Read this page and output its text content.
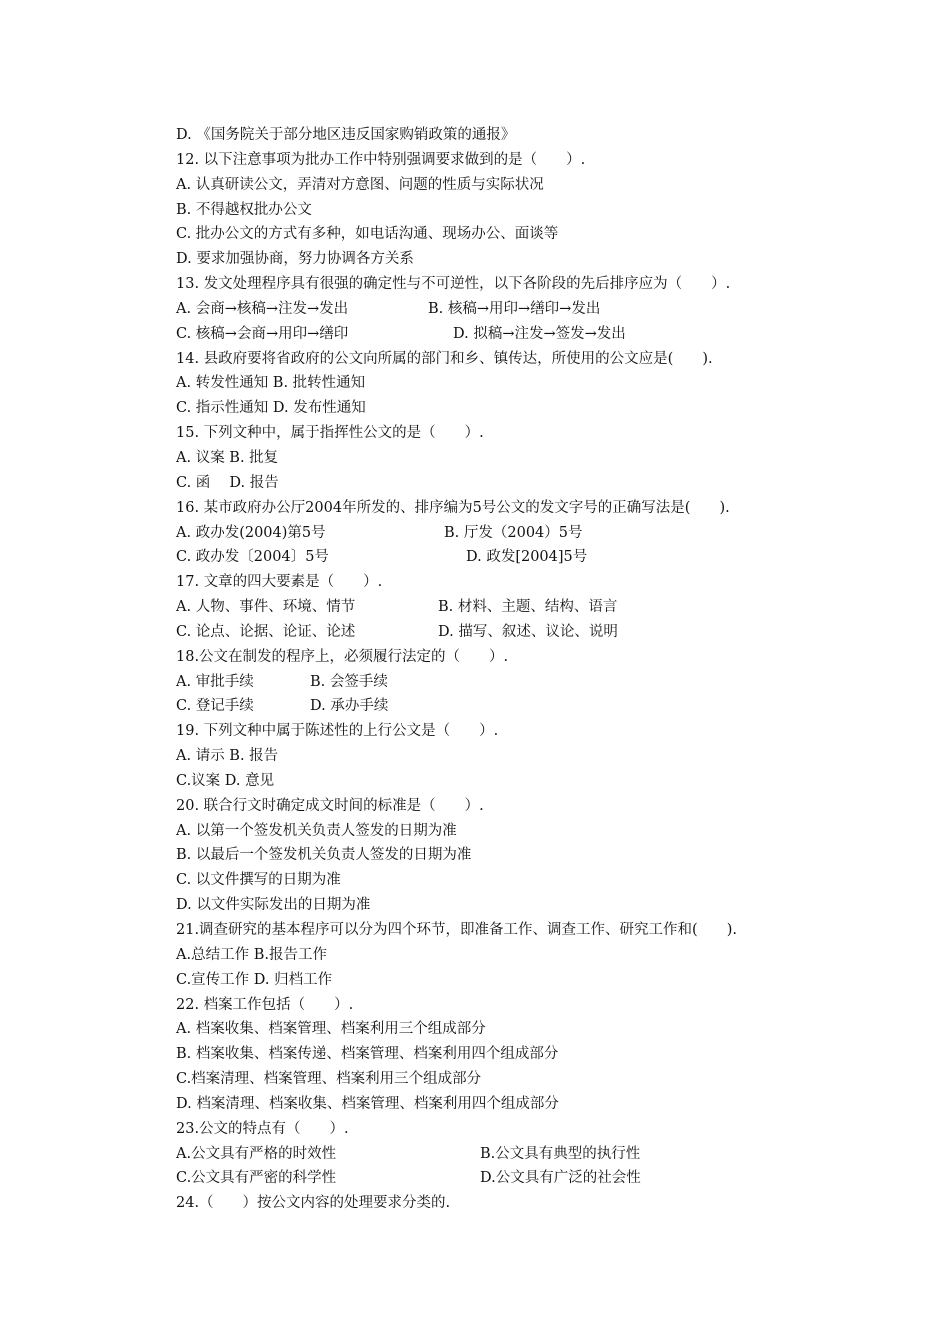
D. 《国务院关于部分地区违反国家购销政策的通报》
12. 以下注意事项为批办工作中特别强调要求做到的是（　　）.
A. 认真研读公文，弄清对方意图、问题的性质与实际状况
B. 不得越权批办公文
C. 批办公文的方式有多种，如电话沟通、现场办公、面谈等
D. 要求加强协商，努力协调各方关系
13. 发文处理程序具有很强的确定性与不可逆性，以下各阶段的先后排序应为（　　）.
A. 会商→核稿→注发→发出	B. 核稿→用印→缮印→发出
C. 核稿→会商→用印→缮印	D. 拟稿→注发→签发→发出
14. 县政府要将省政府的公文向所属的部门和乡、镇传达，所使用的公文应是(　　).
A. 转发性通知 B. 批转性通知
C. 指示性通知 D. 发布性通知
15. 下列文种中，属于指挥性公文的是（　　）.
A. 议案 B. 批复
C. 函　 D. 报告
16. 某市政府办公厅2004年所发的、排序编为5号公文的发文字号的正确写法是(　　).
A. 政办发(2004)第5号	B. 厅发（2004）5号
C. 政办发〔2004〕5号	D. 政发[2004]5号
17. 文章的四大要素是（　　）.
A. 人物、事件、环境、情节	B. 材料、主题、结构、语言
C. 论点、论据、论证、论述	D. 描写、叙述、议论、说明
18.公文在制发的程序上，必须履行法定的（　　）.
A. 审批手续	B. 会签手续
C. 登记手续	D. 承办手续
19. 下列文种中属于陈述性的上行公文是（　　）.
A. 请示 B. 报告
C.议案 D. 意见
20. 联合行文时确定成文时间的标准是（　　）.
A. 以第一个签发机关负责人签发的日期为准
B. 以最后一个签发机关负责人签发的日期为准
C. 以文件撰写的日期为准
D. 以文件实际发出的日期为准
21.调查研究的基本程序可以分为四个环节，即准备工作、调查工作、研究工作和(　　).
A.总结工作 B.报告工作
C.宣传工作 D. 归档工作
22. 档案工作包括（　　）.
A. 档案收集、档案管理、档案利用三个组成部分
B. 档案收集、档案传递、档案管理、档案利用四个组成部分
C.档案清理、档案管理、档案利用三个组成部分
D. 档案清理、档案收集、档案管理、档案利用四个组成部分
23.公文的特点有（　　）.
A.公文具有严格的时效性	B.公文具有典型的执行性
C.公文具有严密的科学性	D.公文具有广泛的社会性
24.（　　）按公文内容的处理要求分类的.
